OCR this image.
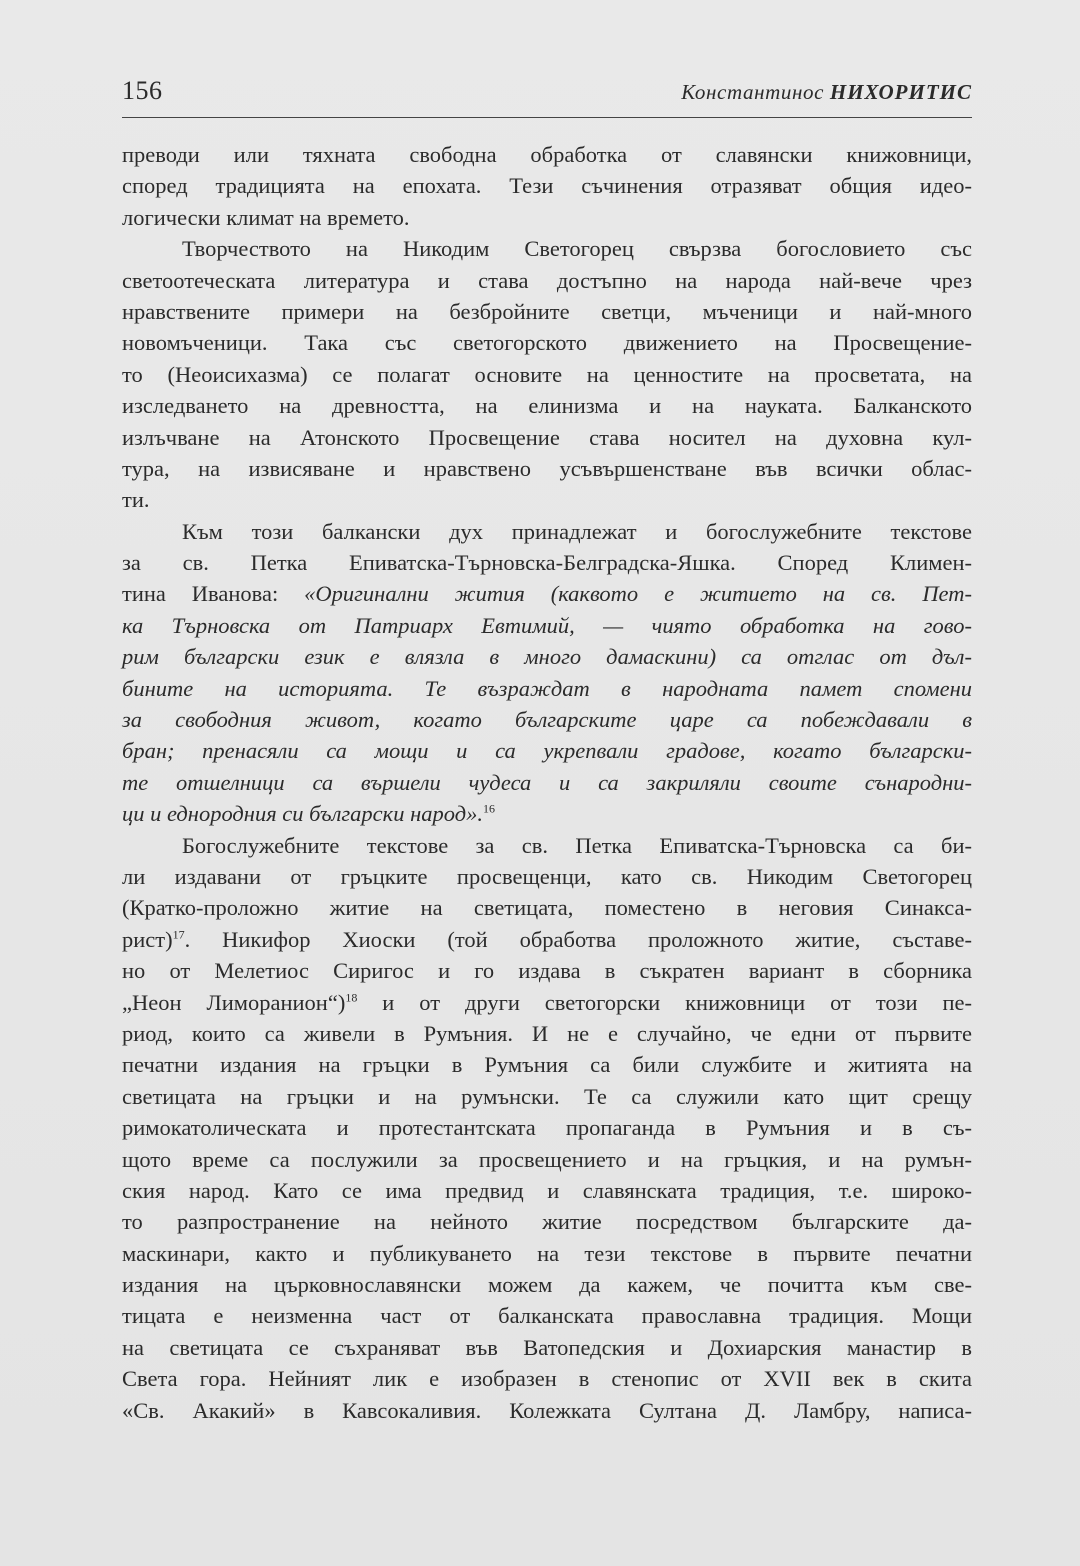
156	Константинос НИХОРИТИС
преводи или тяхната свободна обработка от славянски книжовници,
според традицията на епохата. Тези съчинения отразяват общия идео-
логически климат на времето.
Творчеството на Никодим Светогорец свързва богословието със
светоотеческата литература и става достъпно на народа най-вече чрез
нравствените примери на безбройните светци, мъченици и най-много
новомъченици. Така със светогорското движението на Просвещение-
то (Неоисихазма) се полагат основите на ценностите на просветата, на
изследването на древността, на елинизма и на науката. Балканското
излъчване на Атонското Просвещение става носител на духовна кул-
тура, на извисяване и нравствено усъвършенстване във всички облас-
ти.
Към този балкански дух принадлежат и богослужебните текстове
за св. Петка Епиватска-Търновска-Белградска-Яшка. Според Климен-
тина Иванова: «Оригинални жития (каквото е житието на св. Пет-
ка Търновска от Патриарх Евтимий, — чиято обработка на гово-
рим български език е влязла в много дамаскини) са отглас от дъл-
бините на историята. Те възраждат в народната памет спомени
за свободния живот, когато българските царе са побеждавали в
бран; пренасяли са мощи и са укрепвали градове, когато български-
те отшелници са вършели чудеса и са закриляли своите сънародни-
ци и еднородния си български народ».$^{16}$
Богослужебните текстове за св. Петка Епиватска-Търновска са би-
ли издавани от гръцките просвещенци, като св. Никодим Светогорец
(Кратко-проложно житие на светицата, поместено в неговия Синакса-
рист)$^{17}$. Никифор Хиоски (той обработва проложното житие, съставе-
но от Мелетиос Сиригос и го издава в съкратен вариант в сборника
„Неон Лиморанион“)$^{18}$ и от други светогорски книжовници от този пе-
риод, които са живели в Румъния. И не е случайно, че едни от първите
печатни издания на гръцки в Румъния са били службите и житията на
светицата на гръцки и на румънски. Те са служили като щит срещу
римокатолическата и протестантската пропаганда в Румъния и в съ-
щото време са послужили за просвещението и на гръцкия, и на румън-
ския народ. Като се има предвид и славянската традиция, т.е. широко-
то разпространение на нейното житие посредством българските да-
маскинари, както и публикуването на тези текстове в първите печатни
издания на църковнославянски можем да кажем, че почитта към све-
тицата е неизменна част от балканската православна традиция. Мощи
на светицата се съхраняват във Ватопедския и Дохиарския манастир в
Света гора. Нейният лик е изобразен в стенопис от XVII век в скита
«Св. Акакий» в Кавсокаливия. Колежката Султана Д. Ламбру, написа-
